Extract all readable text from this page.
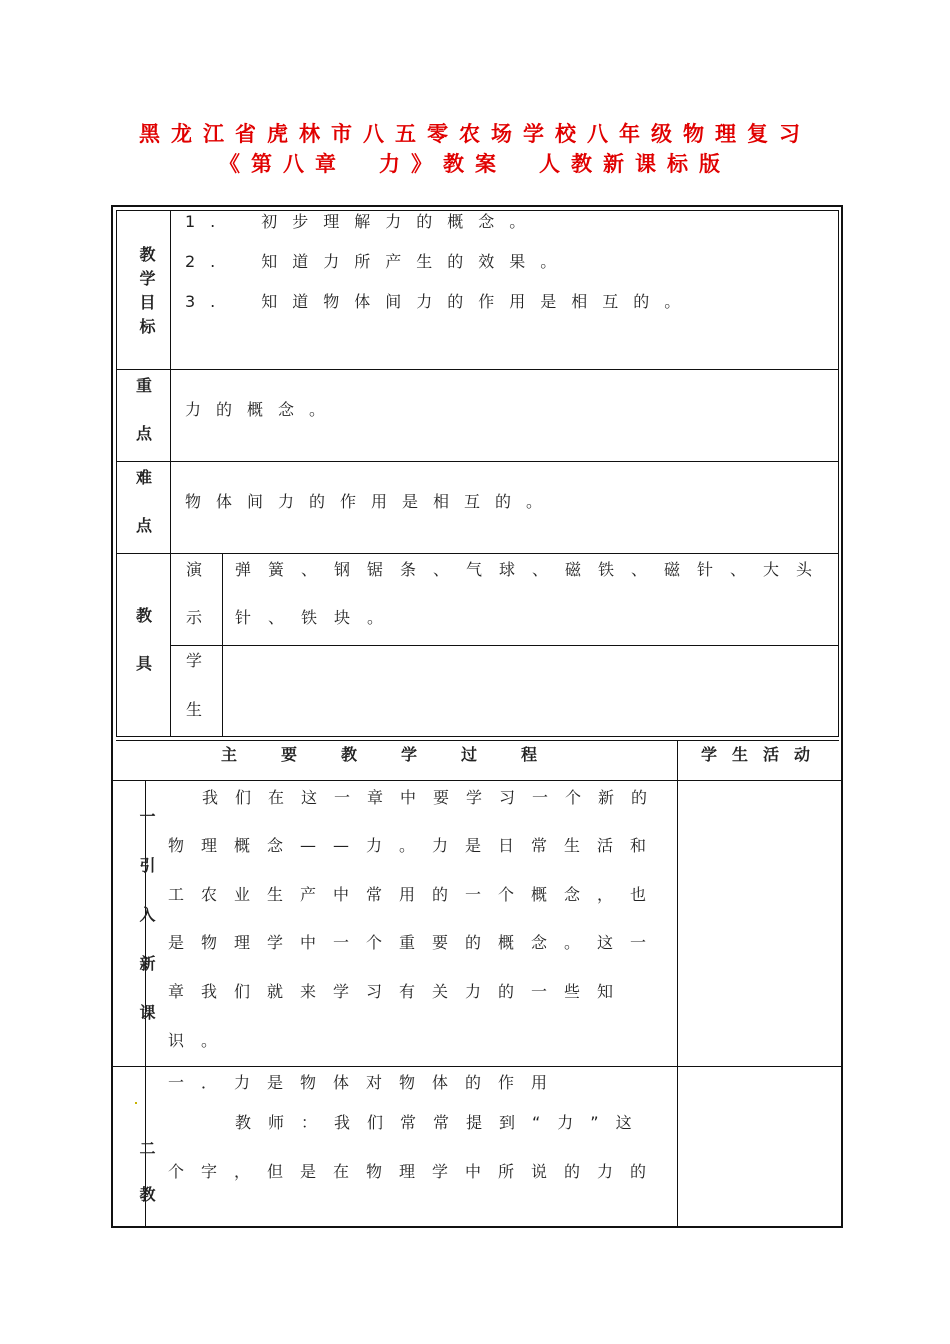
黑龙江省虎林市八五零农场学校八年级物理复习
《第八章　力》教案　人教新课标版
教学目标
1.　初步理解力的概念。
2.　知道力所产生的效果。
3.　知道物体间力的作用是相互的。
重
点
力的概念。
难
点
物体间力的作用是相互的。
教
具
演
示
弹簧、钢锯条、气球、磁铁、磁针、大头
针、铁块。
学
生
主要教学过程	学生活动
一引入新课
我们在这一章中要学习一个新的
物理概念——力。力是日常生活和
工农业生产中常用的一个概念，也
是物理学中一个重要的概念。这一
章我们就来学习有关力的一些知
识。
二教
一．力是物体对物体的作用
教师：我们常常提到“力”这
个字，但是在物理学中所说的力的
